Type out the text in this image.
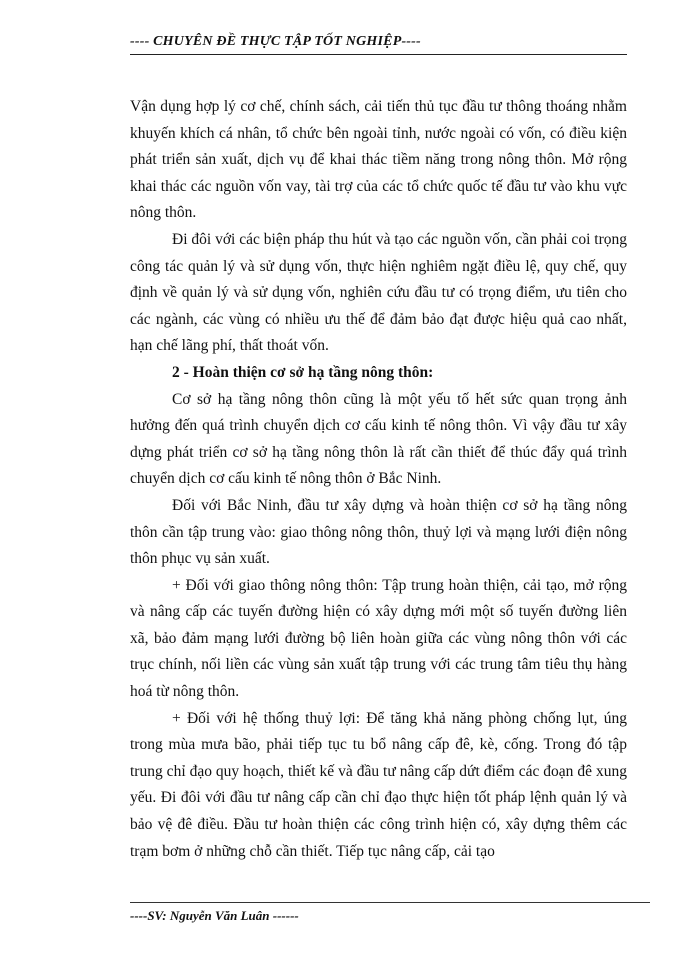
---- CHUYÊN ĐỀ THỰC TẬP TỐT NGHIỆP----

Vận dụng hợp lý cơ chế, chính sách, cải tiến thủ tục đầu tư thông thoáng nhằm khuyến khích cá nhân, tổ chức bên ngoài tỉnh, nước ngoài có vốn, có điều kiện phát triển sản xuất, dịch vụ để khai thác tiềm năng trong nông thôn. Mở rộng khai thác các nguồn vốn vay, tài trợ của các tổ chức quốc tế đầu tư vào khu vực nông thôn.

Đi đôi với các biện pháp thu hút và tạo các nguồn vốn, cần phải coi trọng công tác quản lý và sử dụng vốn, thực hiện nghiêm ngặt điều lệ, quy chế, quy định về quản lý và sử dụng vốn, nghiên cứu đầu tư có trọng điểm, ưu tiên cho các ngành, các vùng có nhiều ưu thế để đảm bảo đạt được hiệu quả cao nhất, hạn chế lãng phí, thất thoát vốn.

2 - Hoàn thiện cơ sở hạ tầng nông thôn:

Cơ sở hạ tầng nông thôn cũng là một yếu tố hết sức quan trọng ảnh hưởng đến quá trình chuyển dịch cơ cấu kinh tế nông thôn. Vì vậy đầu tư xây dựng phát triển cơ sở hạ tầng nông thôn là rất cần thiết để thúc đẩy quá trình chuyển dịch cơ cấu kinh tế nông thôn ở Bắc Ninh.

Đối với Bắc Ninh, đầu tư xây dựng và hoàn thiện cơ sở hạ tầng nông thôn cần tập trung vào: giao thông nông thôn, thuỷ lợi và mạng lưới điện nông thôn phục vụ sản xuất.

+ Đối với giao thông nông thôn: Tập trung hoàn thiện, cải tạo, mở rộng và nâng cấp các tuyến đường hiện có xây dựng mới một số tuyến đường liên xã, bảo đảm mạng lưới đường bộ liên hoàn giữa các vùng nông thôn với các trục chính, nối liền các vùng sản xuất tập trung với các trung tâm tiêu thụ hàng hoá từ nông thôn.

+ Đối với hệ thống thuỷ lợi: Để tăng khả năng phòng chống lụt, úng trong mùa mưa bão, phải tiếp tục tu bổ nâng cấp đê, kè, cống. Trong đó tập trung chỉ đạo quy hoạch, thiết kế và đầu tư nâng cấp dứt điểm các đoạn đê xung yếu. Đi đôi với đầu tư nâng cấp cần chỉ đạo thực hiện tốt pháp lệnh quản lý và bảo vệ đê điều. Đầu tư hoàn thiện các công trình hiện có, xây dựng thêm các trạm bơm ở những chỗ cần thiết. Tiếp tục nâng cấp, cải tạo

----SV: Nguyễn Văn Luân ------
